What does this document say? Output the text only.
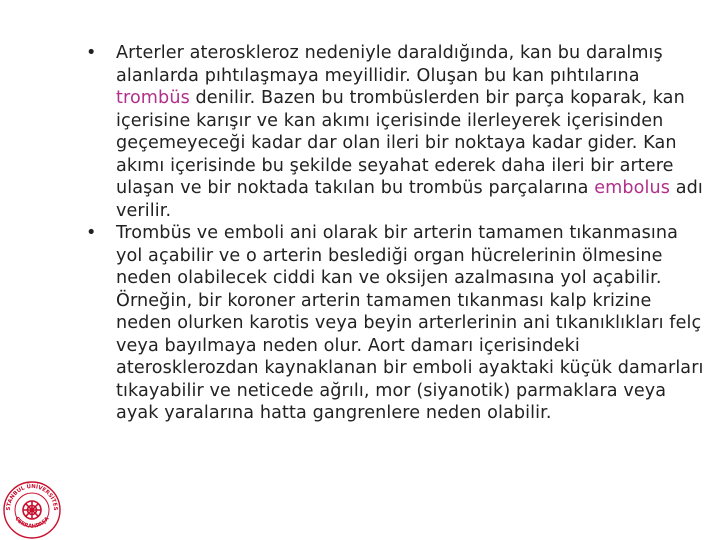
•	Arterler ateroskleroz nedeniyle daraldığında, kan bu daralmış alanlarda pıhtılaşmaya meyillidir. Oluşan bu kan pıhtılarına trombüs denilir. Bazen bu trombüslerden bir parça koparak, kan içerisine karışır ve kan akımı içerisinde ilerleyerek içerisinden geçemeyeceği kadar dar olan ileri bir noktaya kadar gider. Kan akımı içerisinde bu şekilde seyahat ederek daha ileri bir artere ulaşan ve bir noktada takılan bu trombüs parçalarına embolus adı verilir.
•	Trombüs ve emboli ani olarak bir arterin tamamen tıkanmasına yol açabilir ve o arterin beslediği organ hücrelerinin ölmesine neden olabilecek ciddi kan ve oksijen azalmasına yol açabilir. Örneğin, bir koroner arterin tamamen tıkanması kalp krizine neden olurken karotis veya beyin arterlerinin ani tıkanıklıkları felç veya bayılmaya neden olur. Aort damarı içerisindeki aterosklerozdan kaynaklanan bir emboli ayaktaki küçük damarları tıkayabilir ve neticede ağrılı, mor (siyanotik) parmaklara veya ayak yaralarına hatta gangrenlere neden olabilir.
STANBUL ÜNİVERSİTES
CERRAHPAŞA
